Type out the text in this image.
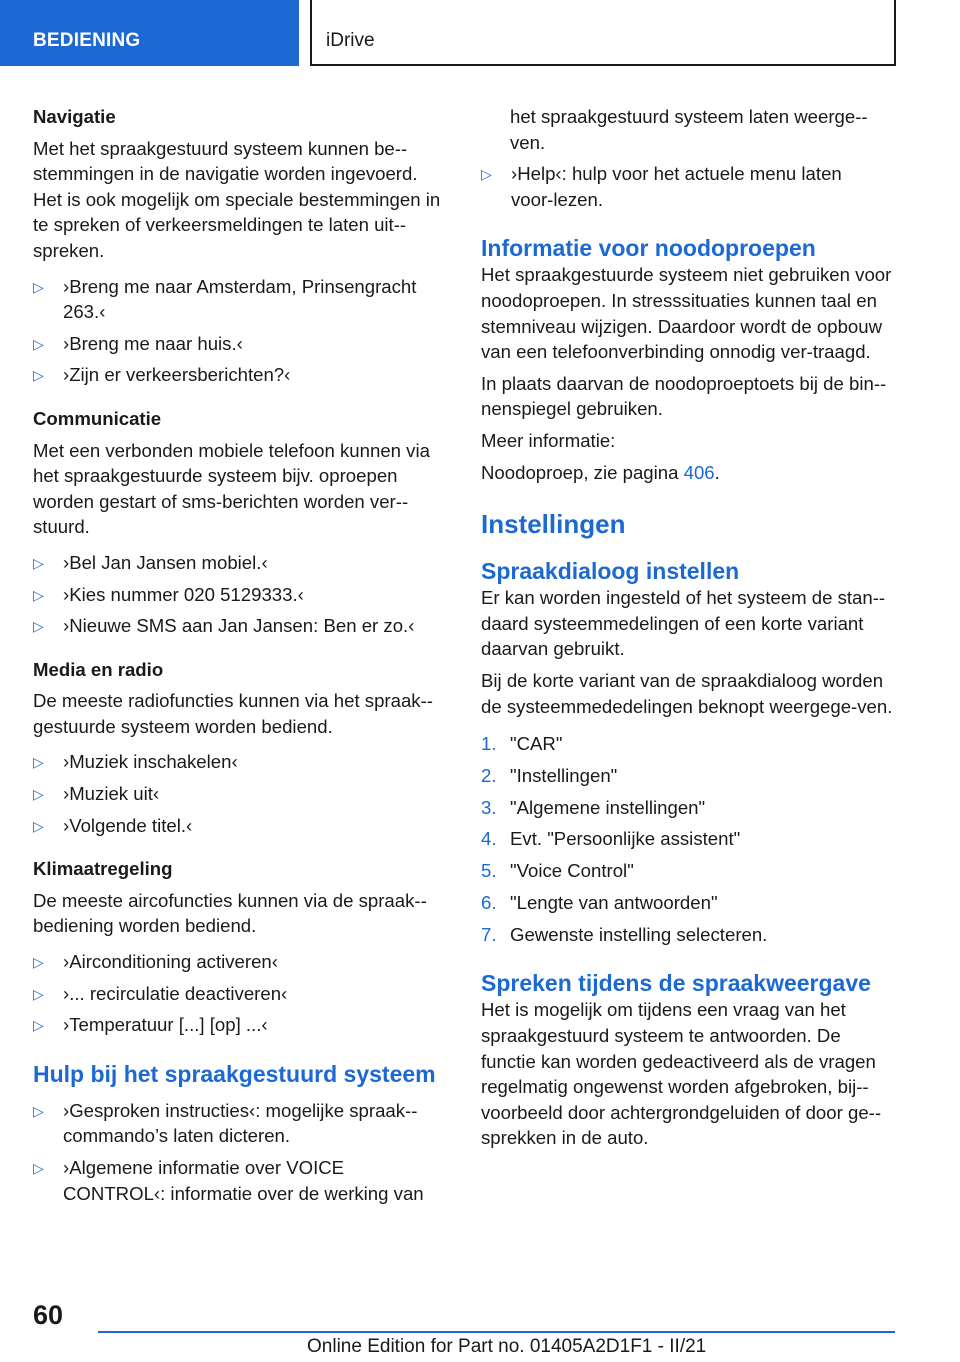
BEDIENING	iDrive
Navigatie
Met het spraakgestuurd systeem kunnen be-stemmingen in de navigatie worden ingevoerd. Het is ook mogelijk om speciale bestemmingen in te spreken of verkeersmeldingen te laten uit-spreken.
▷ ›Breng me naar Amsterdam, Prinsengracht 263.‹
▷ ›Breng me naar huis.‹
▷ ›Zijn er verkeersberichten?‹
Communicatie
Met een verbonden mobiele telefoon kunnen via het spraakgestuurde systeem bijv. oproepen worden gestart of sms-berichten worden ver-stuurd.
▷ ›Bel Jan Jansen mobiel.‹
▷ ›Kies nummer 020 5129333.‹
▷ ›Nieuwe SMS aan Jan Jansen: Ben er zo.‹
Media en radio
De meeste radiofuncties kunnen via het spraak-gestuurde systeem worden bediend.
▷ ›Muziek inschakelen‹
▷ ›Muziek uit‹
▷ ›Volgende titel.‹
Klimaatregeling
De meeste aircofuncties kunnen via de spraak-bediening worden bediend.
▷ ›Airconditioning activeren‹
▷ ›... recirculatie deactiveren‹
▷ ›Temperatuur [...] [op] ...‹
Hulp bij het spraakgestuurd systeem
▷ ›Gesproken instructies‹: mogelijke spraak-commando’s laten dicteren.
▷ ›Algemene informatie over VOICE CONTROL‹: informatie over de werking van
het spraakgestuurd systeem laten weerge-ven.
▷ ›Help‹: hulp voor het actuele menu laten voor-lezen.
Informatie voor noodoproepen
Het spraakgestuurde systeem niet gebruiken voor noodoproepen. In stresssituaties kunnen taal en stemniveau wijzigen. Daardoor wordt de opbouw van een telefoonverbinding onnodig ver-traagd.
In plaats daarvan de noodoproeptoets bij de bin-nenspiegel gebruiken.
Meer informatie:
Noodoproep, zie pagina 406.
Instellingen
Spraakdialoog instellen
Er kan worden ingesteld of het systeem de stan-daard systeemmedelingen of een korte variant daarvan gebruikt.
Bij de korte variant van de spraakdialoog worden de systeemmededelingen beknopt weergege-ven.
1. "CAR"
2. "Instellingen"
3. "Algemene instellingen"
4. Evt. "Persoonlijke assistent"
5. "Voice Control"
6. "Lengte van antwoorden"
7. Gewenste instelling selecteren.
Spreken tijdens de spraakweergave
Het is mogelijk om tijdens een vraag van het spraakgestuurd systeem te antwoorden. De functie kan worden gedeactiveerd als de vragen regelmatig ongewenst worden afgebroken, bij-voorbeeld door achtergrondgeluiden of door ge-sprekken in de auto.
60
Online Edition for Part no. 01405A2D1F1 - II/21
